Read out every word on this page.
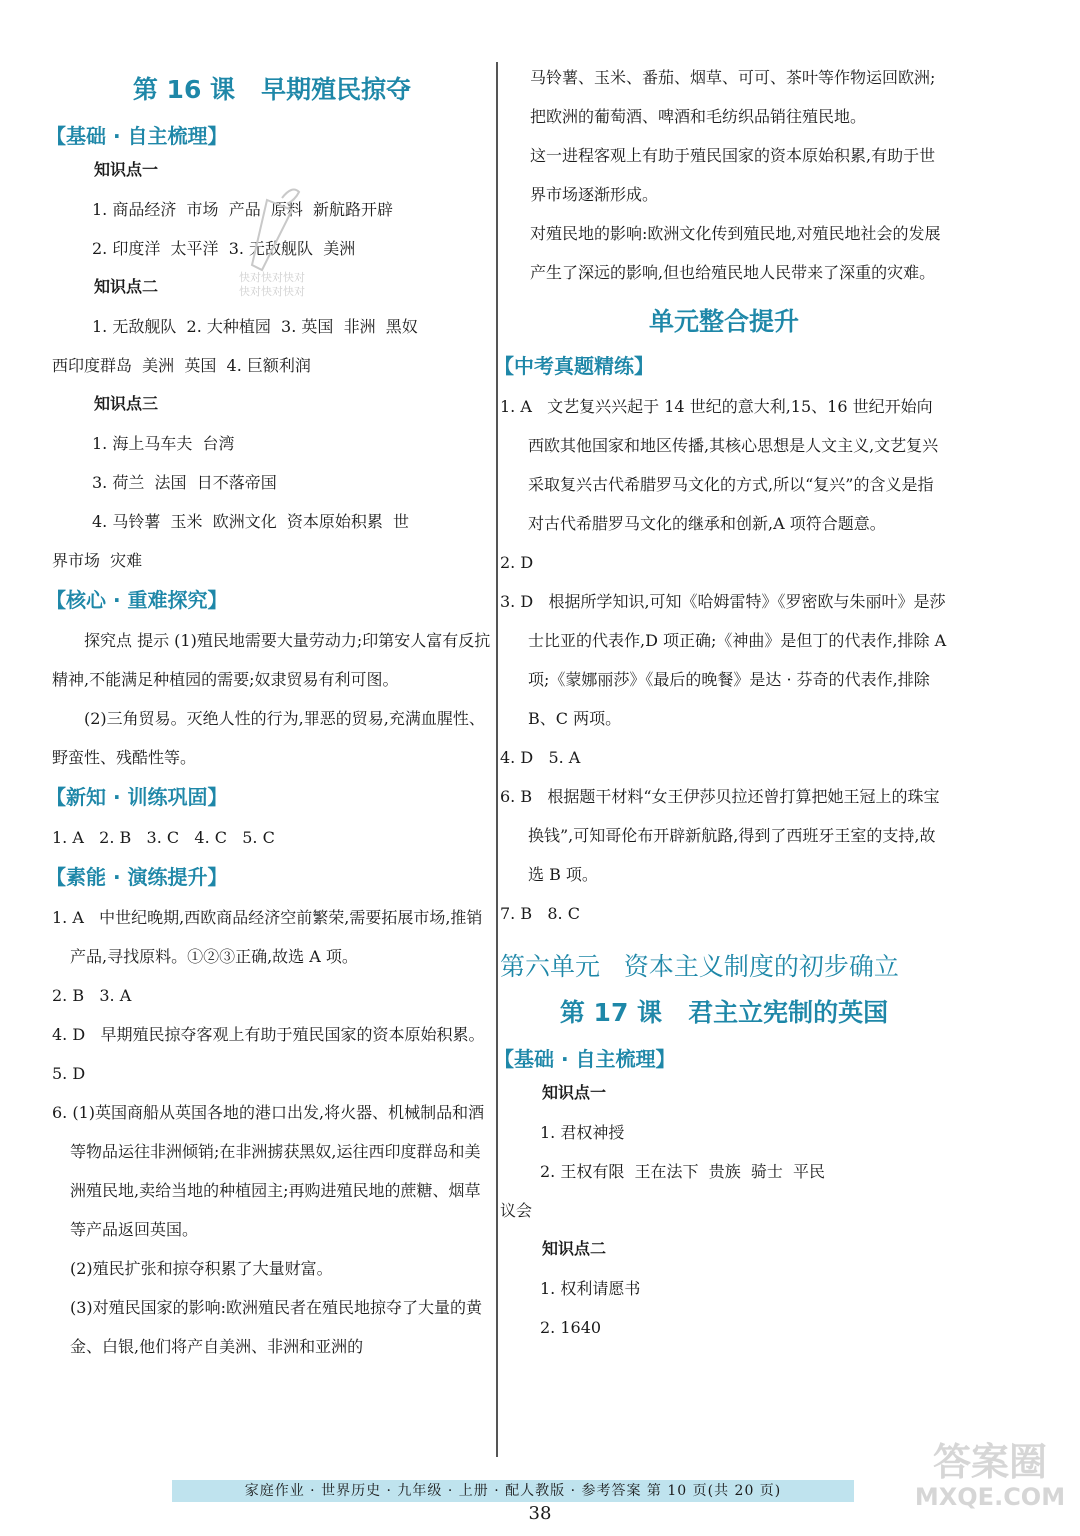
第 16 课   早期殖民掠夺
【基础 · 自主梳理】
知识点一
1. 商品经济  市场  产品  原料  新航路开辟
2. 印度洋  太平洋  3. 无敌舰队  美洲
知识点二
1. 无敌舰队  2. 大种植园  3. 英国  非洲  黑奴
西印度群岛  美洲  英国  4. 巨额利润
知识点三
1. 海上马车夫  台湾
3. 荷兰  法国  日不落帝国
4. 马铃薯  玉米  欧洲文化  资本原始积累  世
界市场  灾难
【核心 · 重难探究】
探究点 提示 (1)殖民地需要大量劳动力;印第安人富有反抗精神,不能满足种植园的需要;奴隶贸易有利可图。
(2)三角贸易。灭绝人性的行为,罪恶的贸易,充满血腥性、野蛮性、残酷性等。
【新知 · 训练巩固】
1. A   2. B   3. C   4. C   5. C
【素能 · 演练提升】
1. A   中世纪晚期,西欧商品经济空前繁荣,需要拓展市场,推销产品,寻找原料。①②③正确,故选 A 项。
2. B   3. A
4. D   早期殖民掠夺客观上有助于殖民国家的资本原始积累。
5. D
6. (1)英国商船从英国各地的港口出发,将火器、机械制品和酒等物品运往非洲倾销;在非洲掳获黑奴,运往西印度群岛和美洲殖民地,卖给当地的种植园主;再购进殖民地的蔗糖、烟草等产品返回英国。
(2)殖民扩张和掠夺积累了大量财富。
(3)对殖民国家的影响:欧洲殖民者在殖民地掠夺了大量的黄金、白银,他们将产自美洲、非洲和亚洲的
马铃薯、玉米、番茄、烟草、可可、茶叶等作物运回欧洲;把欧洲的葡萄酒、啤酒和毛纺织品销往殖民地。
这一进程客观上有助于殖民国家的资本原始积累,有助于世界市场逐渐形成。
对殖民地的影响:欧洲文化传到殖民地,对殖民地社会的发展产生了深远的影响,但也给殖民地人民带来了深重的灾难。
单元整合提升
【中考真题精练】
1. A   文艺复兴兴起于 14 世纪的意大利,15、16 世纪开始向西欧其他国家和地区传播,其核心思想是人文主义,文艺复兴采取复兴古代希腊罗马文化的方式,所以“复兴”的含义是指对古代希腊罗马文化的继承和创新,A 项符合题意。
2. D
3. D   根据所学知识,可知《哈姆雷特》《罗密欧与朱丽叶》是莎士比亚的代表作,D 项正确;《神曲》是但丁的代表作,排除 A 项;《蒙娜丽莎》《最后的晚餐》是达 · 芬奇的代表作,排除 B、C 两项。
4. D   5. A
6. B   根据题干材料“女王伊莎贝拉还曾打算把她王冠上的珠宝换钱”,可知哥伦布开辟新航路,得到了西班牙王室的支持,故选 B 项。
7. B   8. C
第六单元   资本主义制度的初步确立
第 17 课   君主立宪制的英国
【基础 · 自主梳理】
知识点一
1. 君权神授
2. 王权有限  王在法下  贵族  骑士  平民
议会
知识点二
1. 权利请愿书
2. 1640
快对快对快对
快对快对快对
答案圈
MXQE.COM
家庭作业 · 世界历史 · 九年级 · 上册 · 配人教版 · 参考答案 第 10 页(共 20 页)
38
